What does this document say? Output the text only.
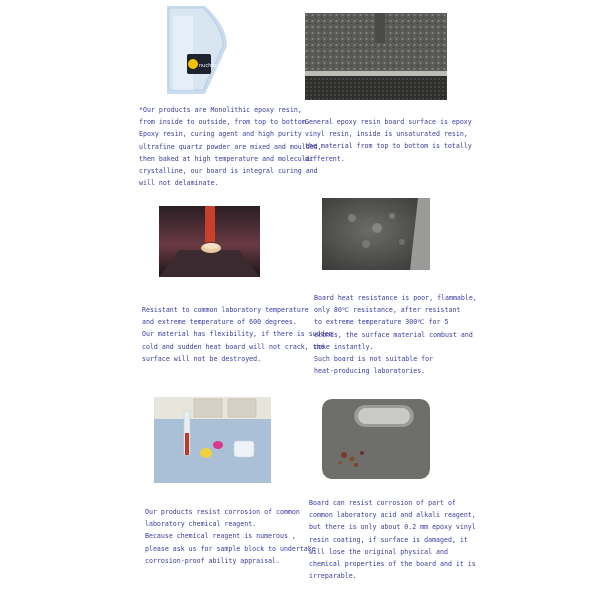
nuchas
*Our products are Monolithic epoxy resin,
from inside to outside, from top to bottom.
Epoxy resin, curing agent and high purity
ultrafine quartz powder are mixed and moulded,
then baked at high temperature and molecular
crystalline, our board is integral curing and
will not delaminate.
General epoxy resin board surface is epoxy
vinyl resin, inside is unsaturated resin,
the material from top to bottom is totally
different.
Resistant to common laboratory temperature
and extreme temperature of 600 degrees.
Our material has flexibility, if there is sudden
cold and sudden heat board will not crack, the
surface will not be destroyed.
Board heat resistance is poor, flammable,
only 80℃ resistance, after resistant
to extreme temperature 300℃ for 5
econds, the surface material combust and
coke instantly.
Such board is not suitable for
heat-producing laboratories.
Our products resist corrosion of common
laboratory chemical reagent.
Because chemical reagent is numerous ,
please ask us for sample block to undertake
corrosion-proof ability appraisal.
Board can resist corrosion of part of
common laboratory acid and alkali reagent,
but there is only about 0.2 mm epoxy vinyl
resin coating, if surface is damaged, it
will lose the original physical and
chemical properties of the board and it is
irreparable.
